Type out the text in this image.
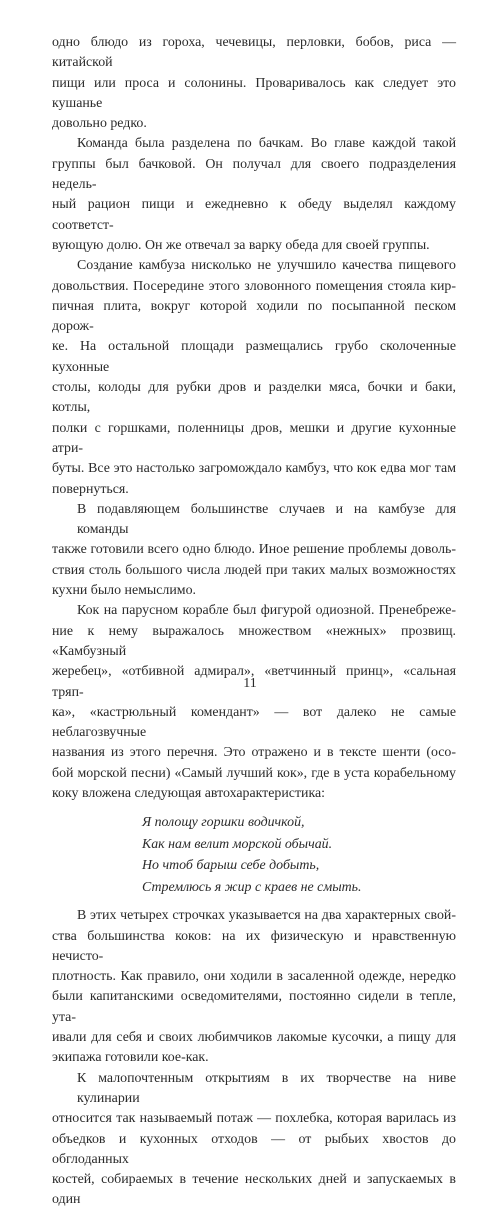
одно блюдо из гороха, чечевицы, перловки, бобов, риса — китайской
пищи или проса и солонины. Проваривалось как следует это кушанье
довольно редко.

Команда была разделена по бачкам. Во главе каждой такой
группы был бачковой. Он получал для своего подразделения недель-
ный рацион пищи и ежедневно к обеду выделял каждому соответст-
вующую долю. Он же отвечал за варку обеда для своей группы.

Создание камбуза нисколько не улучшило качества пищевого
довольствия. Посередине этого зловонного помещения стояла кир-
пичная плита, вокруг которой ходили по посыпанной песком дорож-
ке. На остальной площади размещались грубо сколоченные кухонные
столы, колоды для рубки дров и разделки мяса, бочки и баки, котлы,
полки с горшками, поленницы дров, мешки и другие кухонные атри-
буты. Все это настолько загромождало камбуз, что кок едва мог там
повернуться.

В подавляющем большинстве случаев и на камбузе для команды
также готовили всего одно блюдо. Иное решение проблемы доволь-
ствия столь большого числа людей при таких малых возможностях
кухни было немыслимо.

Кок на парусном корабле был фигурой одиозной. Пренебреже-
ние к нему выражалось множеством «нежных» прозвищ. «Камбузный
жеребец», «отбивной адмирал», «ветчинный принц», «сальная тряп-
ка», «кастрюльный комендант» — вот далеко не самые неблагозвучные
названия из этого перечня. Это отражено и в тексте шенти (осо-
бой морской песни) «Самый лучший кок», где в уста корабельному
коку вложена следующая автохарактеристика:

Я полощу горшки водичкой,
Как нам велит морской обычай.
Но чтоб барыш себе добыть,
Стремлюсь я жир с краев не смыть.

В этих четырех строчках указывается на два характерных свой-
ства большинства коков: на их физическую и нравственную нечисто-
плотность. Как правило, они ходили в засаленной одежде, нередко
были капитанскими осведомителями, постоянно сидели в тепле, ута-
ивали для себя и своих любимчиков лакомые кусочки, а пищу для
экипажа готовили кое-как.

К малопочтенным открытиям в их творчестве на ниве кулинарии
относится так называемый потаж — похлебка, которая варилась из
объедков и кухонных отходов — от рыбьих хвостов до обглоданных
костей, собираемых в течение нескольких дней и запускаемых в один

11
